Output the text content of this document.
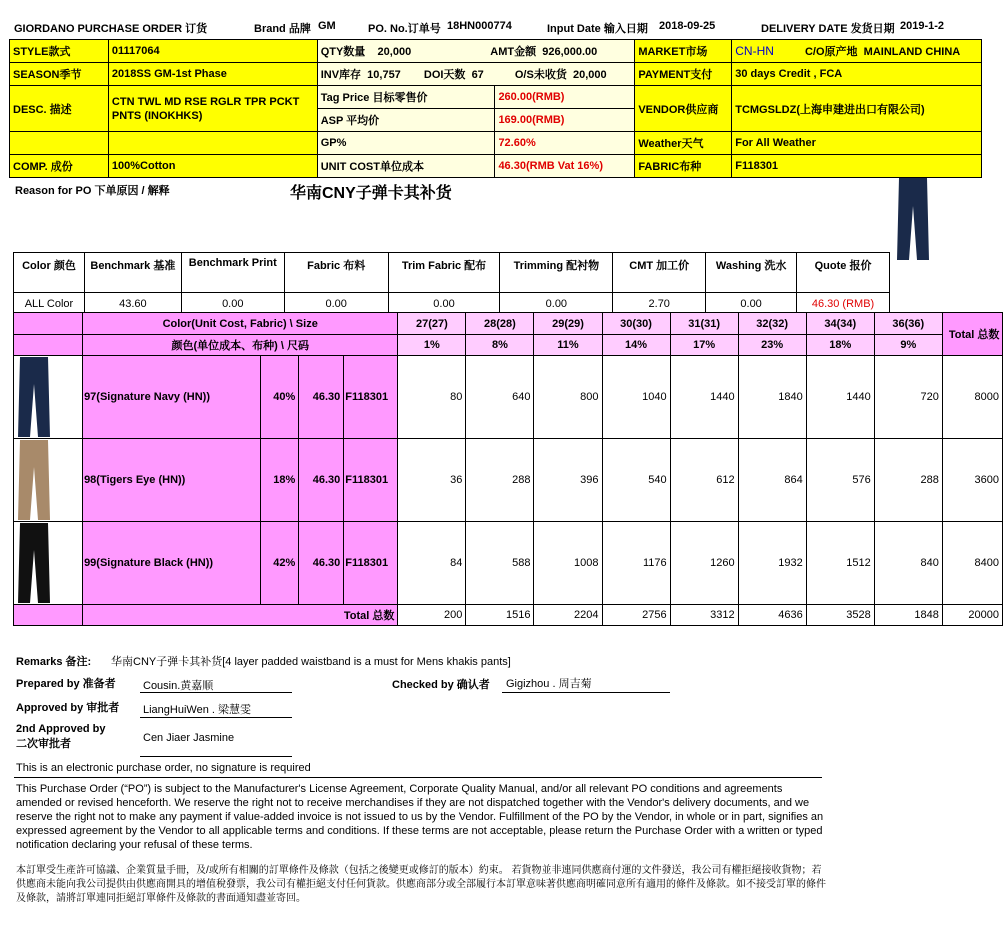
GIORDANO PURCHASE ORDER 订货	Brand 品牌 GM	PO. No.订单号 18HN000774	Input Date 输入日期 2018-09-25	DELIVERY DATE 发货日期 2019-1-2
STYLE款式	01117064	QTY数量 20,000 AMT金额 926,000.00		MARKET市场	CN-HN C/O原产地 MAINLAND CHINA
SEASON季节	2018SS GM-1st Phase	INV库存 10,757 DOI天数 67 O/S未收货 20,000		PAYMENT支付	30 days Credit , FCA
DESC. 描述	CTN TWL MD RSE RGLR TPR PCKT PNTS (INOKHKS)	Tag Price 目标零售价	260.00(RMB)	VENDOR供应商	TCMGSLDZ(上海申建进出口有限公司)
		ASP 平均价	169.00(RMB)		
		GP%	72.60%	Weather天气	For All Weather
COMP. 成份	100%Cotton	UNIT COST单位成本	46.30(RMB Vat 16%)	FABRIC布种	F118301
Reason for PO 下单原因 / 解释	华南CNY子弹卡其补货
Color 颜色	Benchmark 基准	Benchmark Print	Fabric 布料	Trim Fabric 配布	Trimming 配衬物	CMT 加工价	Washing 洗水	Quote 报价
ALL Color	43.60	0.00	0.00	0.00	0.00	2.70	0.00	46.30 (RMB)
	Color(Unit Cost, Fabric) \ Size				27(27)	28(28)	29(29)	30(30)	31(31)	32(32)	34(34)	36(36)	Total 总数
	颜色(单位成本、布种) \ 尺码				1%	8%	11%	14%	17%	23%	18%	9%	

	97(Signature Navy (HN))	40%	46.30	F118301	80	640	800	1040	1440	1840	1440	720	8000

	98(Tigers Eye (HN))	18%	46.30	F118301	36	288	396	540	612	864	576	288	3600

	99(Signature Black (HN))	42%	46.30	F118301	84	588	1008	1176	1260	1932	1512	840	8400
	Total 总数				200	1516	2204	2756	3312	4636	3528	1848	20000
Remarks 备注: 华南CNY子弹卡其补货[4 layer padded waistband is a must for Mens khakis pants]
Prepared by 准备者 Cousin.黄嘉顺	Checked by 确认者 Gigizhou . 周吉菊
Approved by 审批者 LiangHuiWen . 梁慧雯
2nd Approved by
二次审批者	Cen Jiaer Jasmine
This is an electronic purchase order, no signature is required
This Purchase Order (“PO”) is subject to the Manufacturer's License Agreement, Corporate Quality Manual, and/or all relevant PO conditions and agreements amended or revised henceforth. We reserve the right not to receive merchandises if they are not dispatched together with the Vendor's delivery documents, and we reserve the right not to make any payment if value-added invoice is not issued to us by the Vendor. Fulfillment of the PO by the Vendor, in whole or in part, signifies an expressed agreement by the Vendor to all applicable terms and conditions. If these terms are not acceptable, please return the Purchase Order with a written or typed notification declaring your refusal of these terms.
本訂單受生產許可協議、企業質量手冊，及/或所有相關的訂單條件及條款（包括之後變更或修訂的版本）約束。 若貨物並非連同供應商付運的文件發送，我公司有權拒絕接收貨物；若供應商未能向我公司提供由供應商開具的增值稅發票，我公司有權拒絕支付任何貨款。供應商部分或全部履行本訂單意味著供應商明確同意所有適用的條件及條款。如不接受訂單的條件及條款，請將訂單連同拒絕訂單條件及條款的書面通知盡並寄回。
